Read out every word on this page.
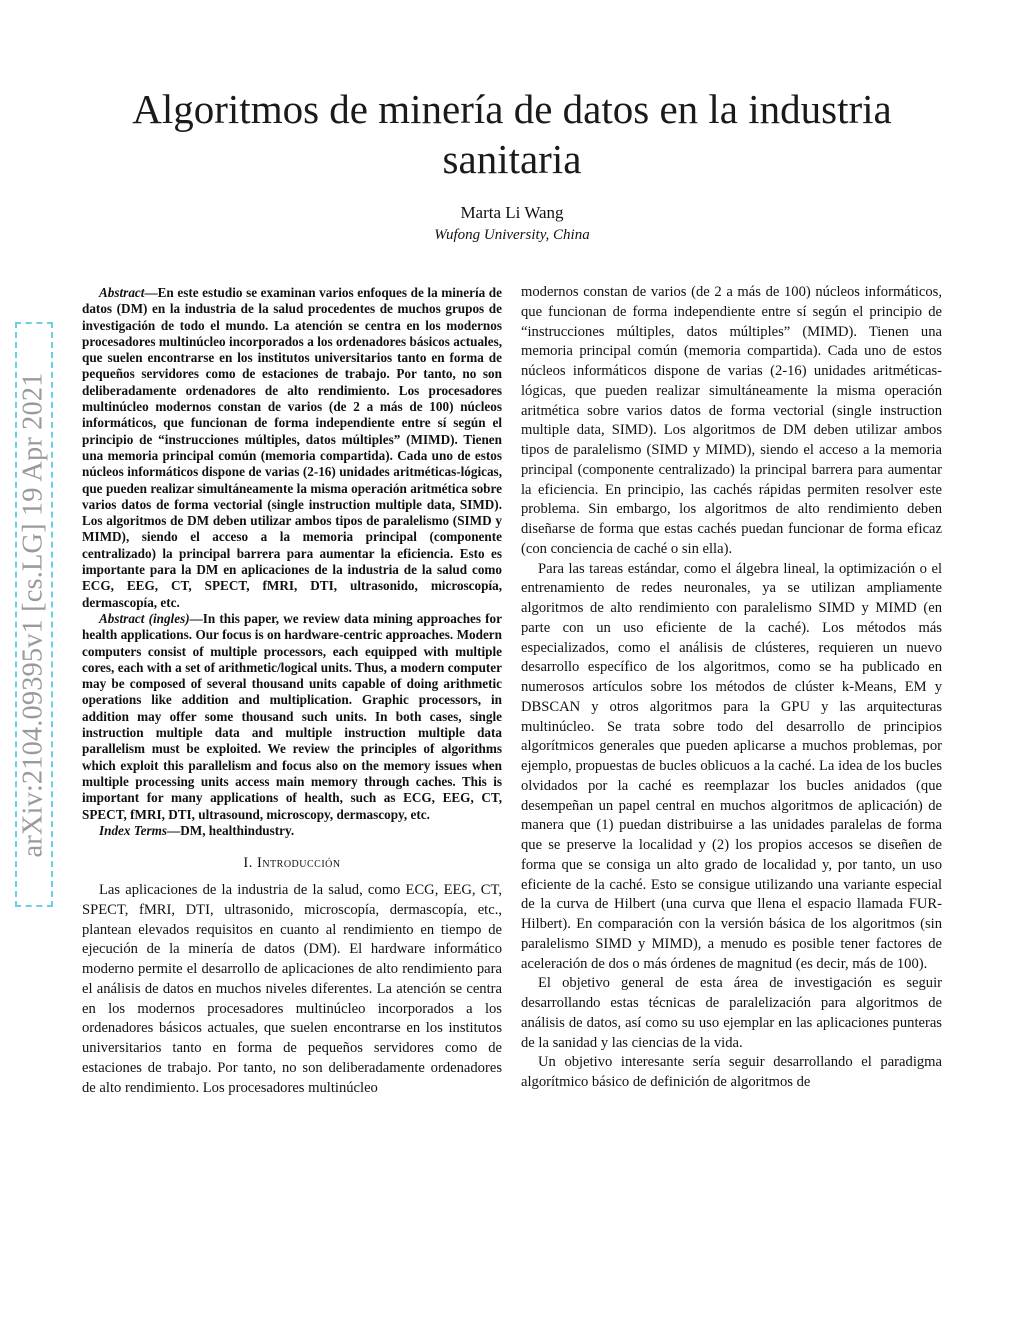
Algoritmos de minería de datos en la industria sanitaria
Marta Li Wang
Wufong University, China
arXiv:2104.09395v1 [cs.LG] 19 Apr 2021

Abstract—En este estudio se examinan varios enfoques de la minería de datos (DM) en la industria de la salud procedentes de muchos grupos de investigación de todo el mundo. La atención se centra en los modernos procesadores multinúcleo incorporados a los ordenadores básicos actuales, que suelen encontrarse en los institutos universitarios tanto en forma de pequeños servidores como de estaciones de trabajo. Por tanto, no son deliberadamente ordenadores de alto rendimiento. Los procesadores multinúcleo modernos constan de varios (de 2 a más de 100) núcleos informáticos, que funcionan de forma independiente entre sí según el principio de “instrucciones múltiples, datos múltiples” (MIMD). Tienen una memoria principal común (memoria compartida). Cada uno de estos núcleos informáticos dispone de varias (2-16) unidades aritméticas-lógicas, que pueden realizar simultáneamente la misma operación aritmética sobre varios datos de forma vectorial (single instruction multiple data, SIMD). Los algoritmos de DM deben utilizar ambos tipos de paralelismo (SIMD y MIMD), siendo el acceso a la memoria principal (componente centralizado) la principal barrera para aumentar la eficiencia. Esto es importante para la DM en aplicaciones de la industria de la salud como ECG, EEG, CT, SPECT, fMRI, DTI, ultrasonido, microscopía, dermascopía, etc.

Abstract (ingles)—In this paper, we review data mining approaches for health applications. Our focus is on hardware-centric approaches. Modern computers consist of multiple processors, each equipped with multiple cores, each with a set of arithmetic/logical units. Thus, a modern computer may be composed of several thousand units capable of doing arithmetic operations like addition and multiplication. Graphic processors, in addition may offer some thousand such units. In both cases, single instruction multiple data and multiple instruction multiple data parallelism must be exploited. We review the principles of algorithms which exploit this parallelism and focus also on the memory issues when multiple processing units access main memory through caches. This is important for many applications of health, such as ECG, EEG, CT, SPECT, fMRI, DTI, ultrasound, microscopy, dermascopy, etc.

Index Terms—DM, healthindustry.

I. Introducción

Las aplicaciones de la industria de la salud, como ECG, EEG, CT, SPECT, fMRI, DTI, ultrasonido, microscopía, dermascopía, etc., plantean elevados requisitos en cuanto al rendimiento en tiempo de ejecución de la minería de datos (DM). El hardware informático moderno permite el desarrollo de aplicaciones de alto rendimiento para el análisis de datos en muchos niveles diferentes. La atención se centra en los modernos procesadores multinúcleo incorporados a los ordenadores básicos actuales, que suelen encontrarse en los institutos universitarios tanto en forma de pequeños servidores como de estaciones de trabajo. Por tanto, no son deliberadamente ordenadores de alto rendimiento. Los procesadores multinúcleo

modernos constan de varios (de 2 a más de 100) núcleos informáticos, que funcionan de forma independiente entre sí según el principio de “instrucciones múltiples, datos múltiples” (MIMD). Tienen una memoria principal común (memoria compartida). Cada uno de estos núcleos informáticos dispone de varias (2-16) unidades aritméticas-lógicas, que pueden realizar simultáneamente la misma operación aritmética sobre varios datos de forma vectorial (single instruction multiple data, SIMD). Los algoritmos de DM deben utilizar ambos tipos de paralelismo (SIMD y MIMD), siendo el acceso a la memoria principal (componente centralizado) la principal barrera para aumentar la eficiencia. En principio, las cachés rápidas permiten resolver este problema. Sin embargo, los algoritmos de alto rendimiento deben diseñarse de forma que estas cachés puedan funcionar de forma eficaz (con conciencia de caché o sin ella).

Para las tareas estándar, como el álgebra lineal, la optimización o el entrenamiento de redes neuronales, ya se utilizan ampliamente algoritmos de alto rendimiento con paralelismo SIMD y MIMD (en parte con un uso eficiente de la caché). Los métodos más especializados, como el análisis de clústeres, requieren un nuevo desarrollo específico de los algoritmos, como se ha publicado en numerosos artículos sobre los métodos de clúster k-Means, EM y DBSCAN y otros algoritmos para la GPU y las arquitecturas multinúcleo. Se trata sobre todo del desarrollo de principios algorítmicos generales que pueden aplicarse a muchos problemas, por ejemplo, propuestas de bucles oblicuos a la caché. La idea de los bucles olvidados por la caché es reemplazar los bucles anidados (que desempeñan un papel central en muchos algoritmos de aplicación) de manera que (1) puedan distribuirse a las unidades paralelas de forma que se preserve la localidad y (2) los propios accesos se diseñen de forma que se consiga un alto grado de localidad y, por tanto, un uso eficiente de la caché. Esto se consigue utilizando una variante especial de la curva de Hilbert (una curva que llena el espacio llamada FUR-Hilbert). En comparación con la versión básica de los algoritmos (sin paralelismo SIMD y MIMD), a menudo es posible tener factores de aceleración de dos o más órdenes de magnitud (es decir, más de 100).

El objetivo general de esta área de investigación es seguir desarrollando estas técnicas de paralelización para algoritmos de análisis de datos, así como su uso ejemplar en las aplicaciones punteras de la sanidad y las ciencias de la vida.

Un objetivo interesante sería seguir desarrollando el paradigma algorítmico básico de definición de algoritmos de
